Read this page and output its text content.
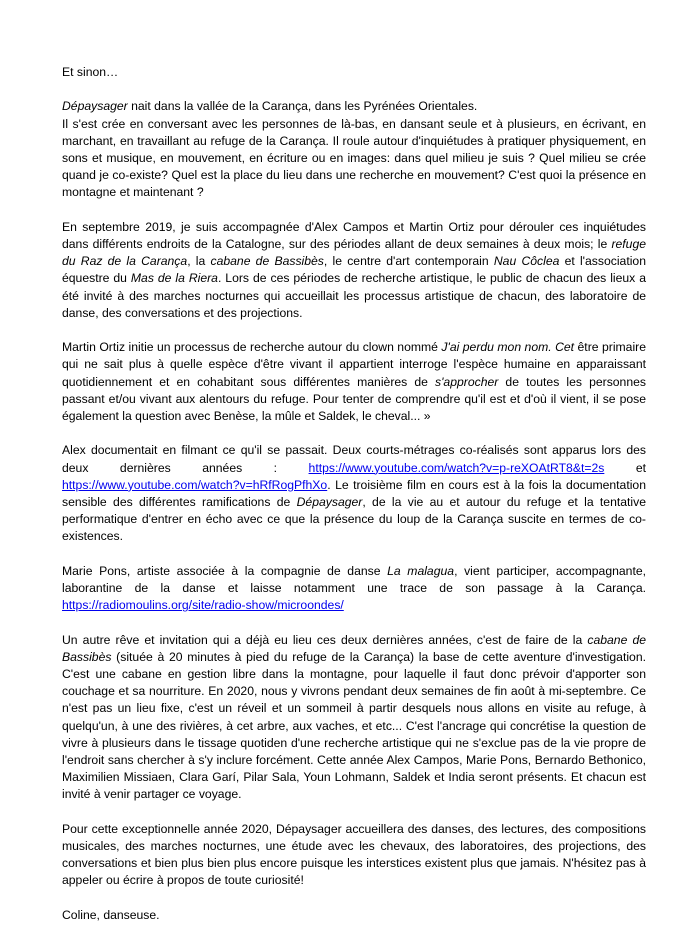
Et sinon…

Dépaysager nait dans la vallée de la Carança, dans les Pyrénées Orientales.
Il s'est crée en conversant avec les personnes de là-bas, en dansant seule et à plusieurs, en écrivant, en marchant, en travaillant au refuge de la Carança. Il roule autour d'inquiétudes à pratiquer physiquement, en sons et musique, en mouvement, en écriture ou en images: dans quel milieu je suis ? Quel milieu se crée quand je co-existe? Quel est la place du lieu dans une recherche en mouvement? C'est quoi la présence en montagne et maintenant ?

En septembre 2019, je suis accompagnée d'Alex Campos et Martin Ortiz pour dérouler ces inquiétudes dans différents endroits de la Catalogne, sur des périodes allant de deux semaines à deux mois; le refuge du Raz de la Carança, la cabane de Bassibès, le centre d'art contemporain Nau Côclea et l'association équestre du Mas de la Riera. Lors de ces périodes de recherche artistique, le public de chacun des lieux a été invité à des marches nocturnes qui accueillait les processus artistique de chacun, des laboratoire de danse, des conversations et des projections.

Martin Ortiz initie un processus de recherche autour du clown nommé J'ai perdu mon nom. Cet être primaire qui ne sait plus à quelle espèce d'être vivant il appartient interroge l'espèce humaine en apparaissant quotidiennement et en cohabitant sous différentes manières de s'approcher de toutes les personnes passant et/ou vivant aux alentours du refuge. Pour tenter de comprendre qu'il est et d'où il vient, il se pose également la question avec Benèse, la mûle et Saldek, le cheval... »

Alex documentait en filmant ce qu'il se passait. Deux courts-métrages co-réalisés sont apparus lors des deux dernières années : https://www.youtube.com/watch?v=p-reXOAtRT8&t=2s et https://www.youtube.com/watch?v=hRfRogPfhXo. Le troisième film en cours est à la fois la documentation sensible des différentes ramifications de Dépaysager, de la vie au et autour du refuge et la tentative performatique d'entrer en écho avec ce que la présence du loup de la Carança suscite en termes de co-existences.

Marie Pons, artiste associée à la compagnie de danse La malagua, vient participer, accompagnante, laborantine de la danse et laisse notamment une trace de son passage à la Carança. https://radiomoulins.org/site/radio-show/microondes/

Un autre rêve et invitation qui a déjà eu lieu ces deux dernières années, c'est de faire de la cabane de Bassibès (située à 20 minutes à pied du refuge de la Carança) la base de cette aventure d'investigation. C'est une cabane en gestion libre dans la montagne, pour laquelle il faut donc prévoir d'apporter son couchage et sa nourriture. En 2020, nous y vivrons pendant deux semaines de fin août à mi-septembre. Ce n'est pas un lieu fixe, c'est un réveil et un sommeil à partir desquels nous allons en visite au refuge, à quelqu'un, à une des rivières, à cet arbre, aux vaches, et etc... C'est l'ancrage qui concrétise la question de vivre à plusieurs dans le tissage quotiden d'une recherche artistique qui ne s'exclue pas de la vie propre de l'endroit sans chercher à s'y inclure forcément. Cette année Alex Campos, Marie Pons, Bernardo Bethonico, Maximilien Missiaen, Clara Garí, Pilar Sala, Youn Lohmann, Saldek et India seront présents. Et chacun est invité à venir partager ce voyage.

Pour cette exceptionnelle année 2020, Dépaysager accueillera des danses, des lectures, des compositions musicales, des marches nocturnes, une étude avec les chevaux, des laboratoires, des projections, des conversations et bien plus bien plus encore puisque les interstices existent plus que jamais. N'hésitez pas à appeler ou écrire à propos de toute curiosité!

Coline, danseuse.
